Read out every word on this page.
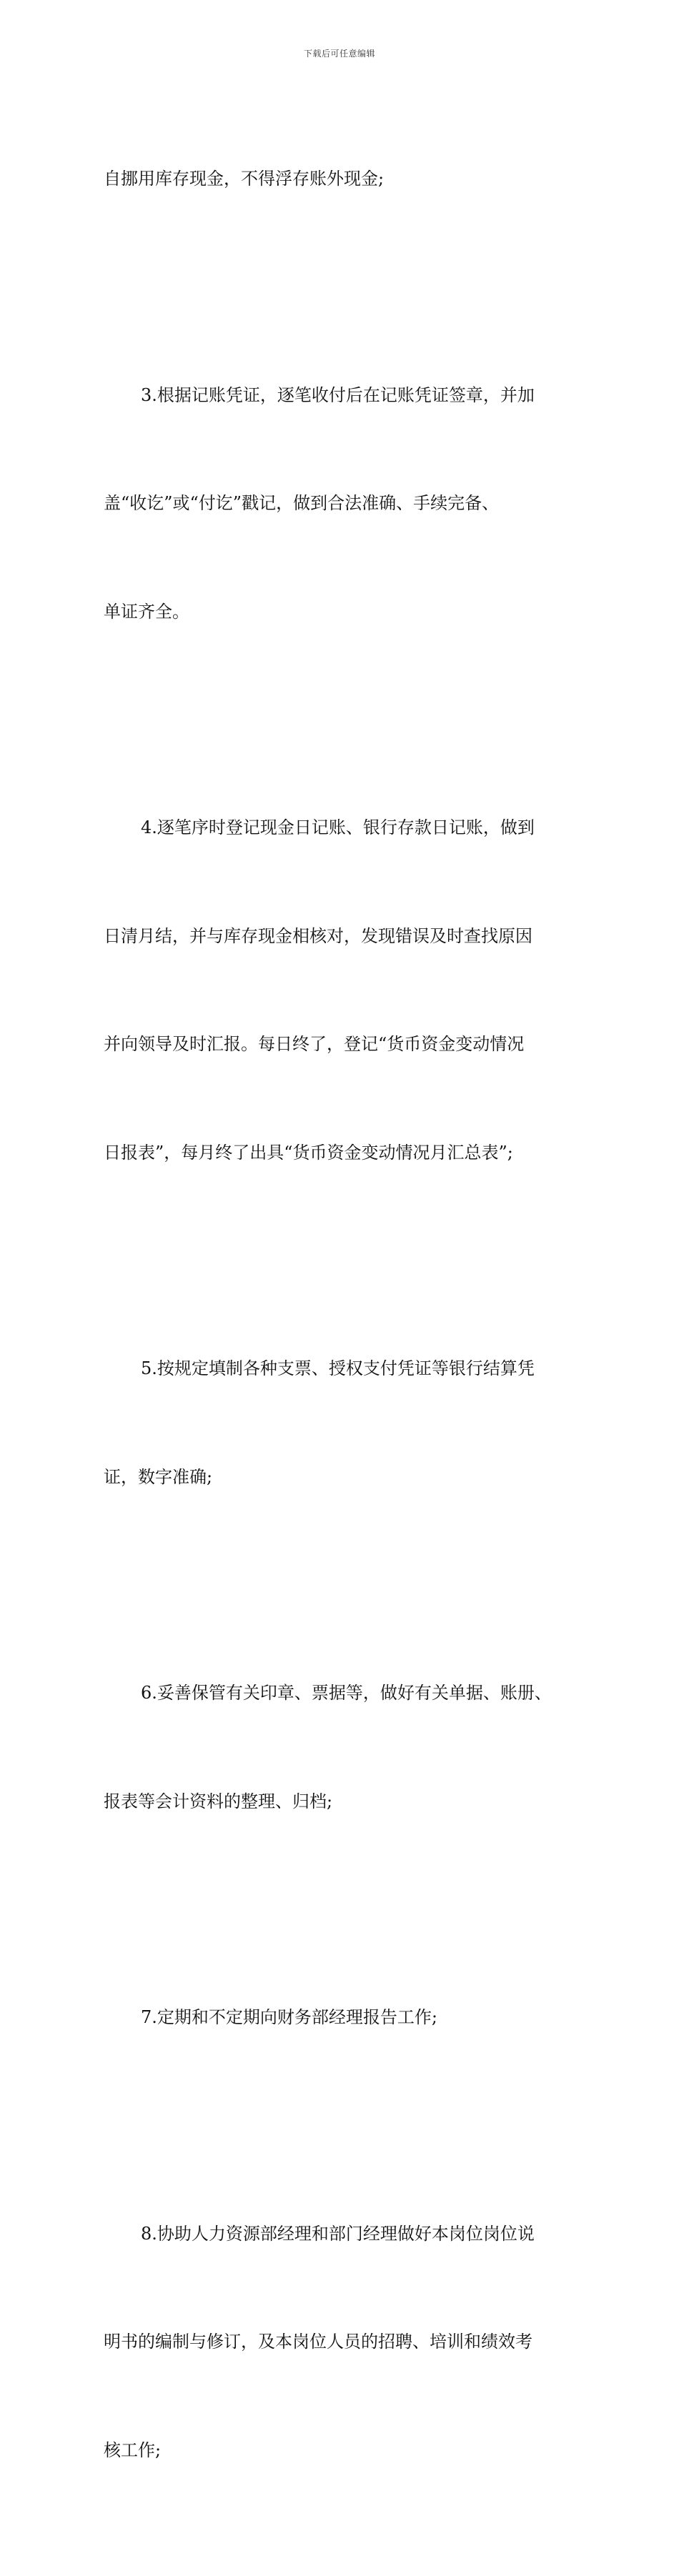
下载后可任意编辑

自挪用库存现金，不得浮存账外现金;

3.根据记账凭证，逐笔收付后在记账凭证签章，并加

盖“收讫”或“付讫”戳记，做到合法准确、手续完备、

单证齐全。

4.逐笔序时登记现金日记账、银行存款日记账，做到

日清月结，并与库存现金相核对，发现错误及时查找原因

并向领导及时汇报。每日终了，登记“货币资金变动情况

日报表”，每月终了出具“货币资金变动情况月汇总表”;

5.按规定填制各种支票、授权支付凭证等银行结算凭

证，数字准确;

6.妥善保管有关印章、票据等，做好有关单据、账册、

报表等会计资料的整理、归档;

7.定期和不定期向财务部经理报告工作;

8.协助人力资源部经理和部门经理做好本岗位岗位说

明书的编制与修订，及本岗位人员的招聘、培训和绩效考

核工作;
